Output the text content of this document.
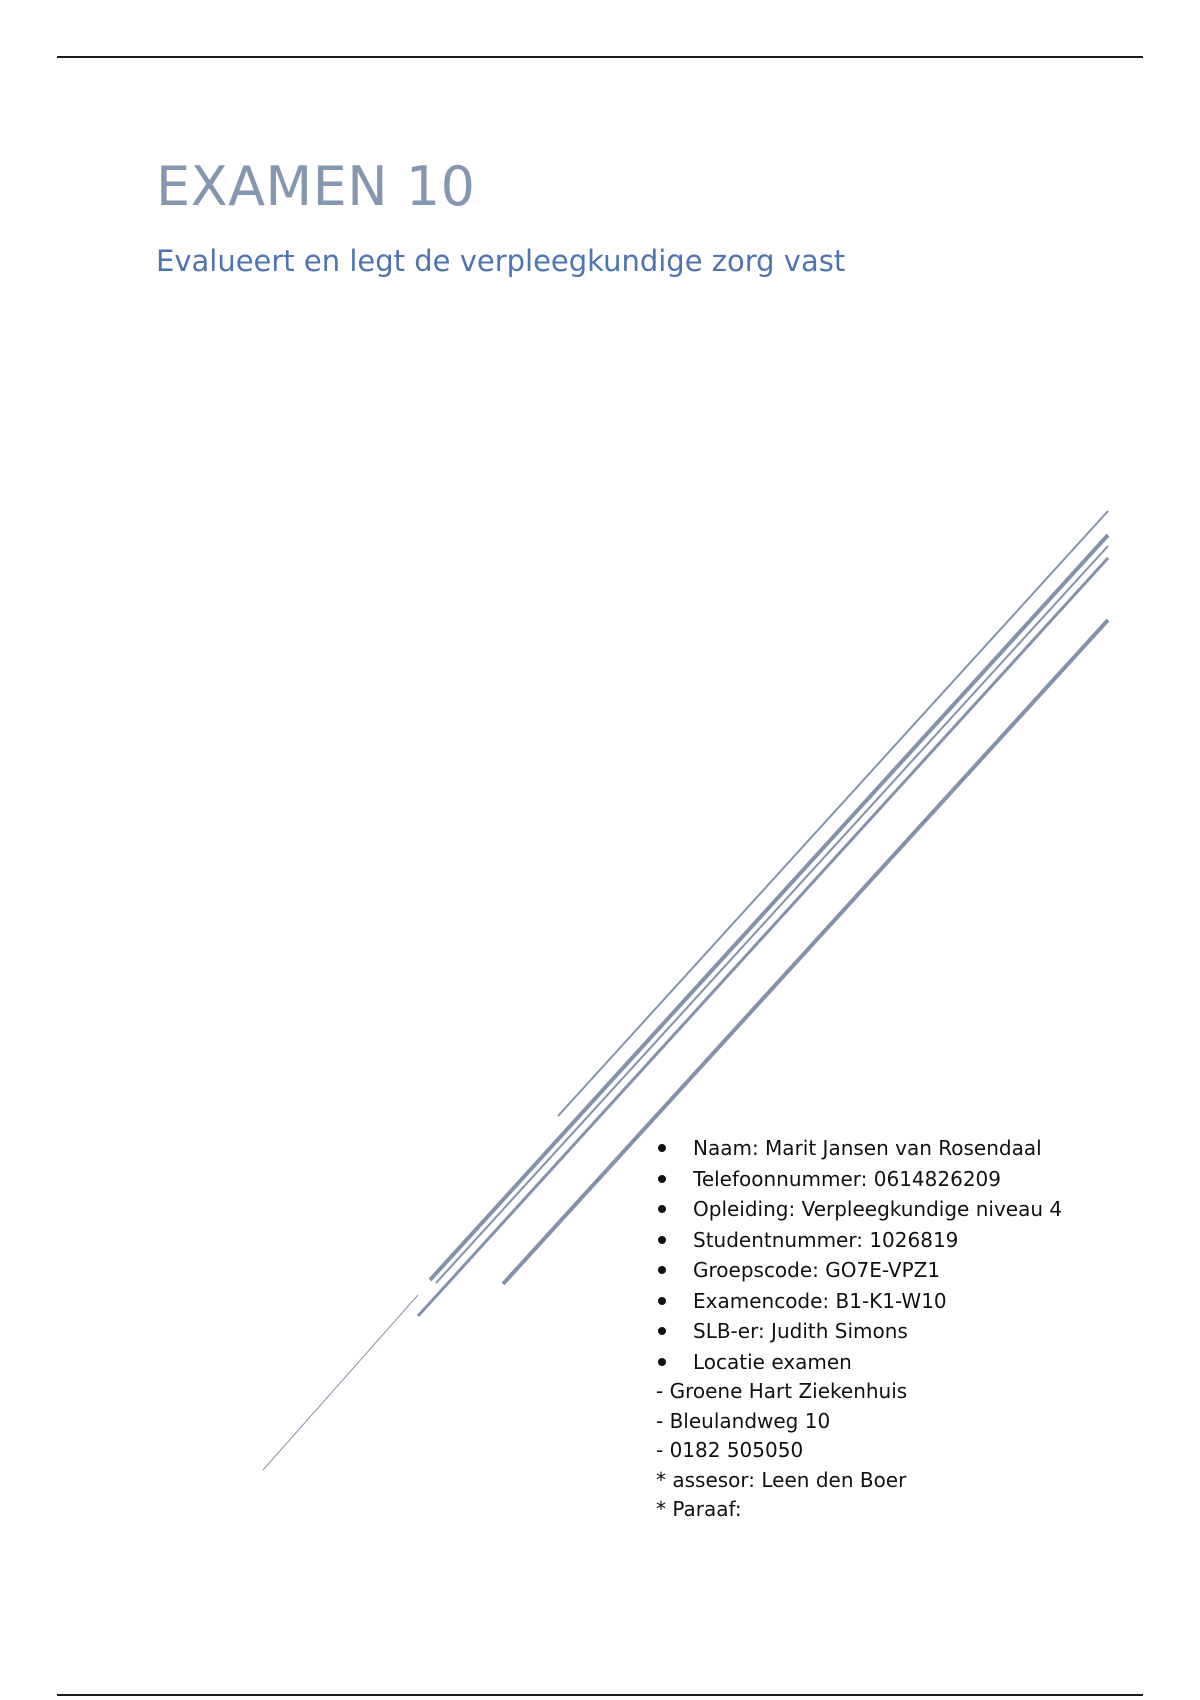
EXAMEN 10
Evalueert en legt de verpleegkundige zorg vast
Naam: Marit Jansen van Rosendaal
Telefoonnummer: 0614826209
Opleiding: Verpleegkundige niveau 4
Studentnummer: 1026819
Groepscode: GO7E-VPZ1
Examencode: B1-K1-W10
SLB-er: Judith Simons
Locatie examen
- Groene Hart Ziekenhuis
- Bleulandweg 10
- 0182 505050
* assesor: Leen den Boer
* Paraaf:
